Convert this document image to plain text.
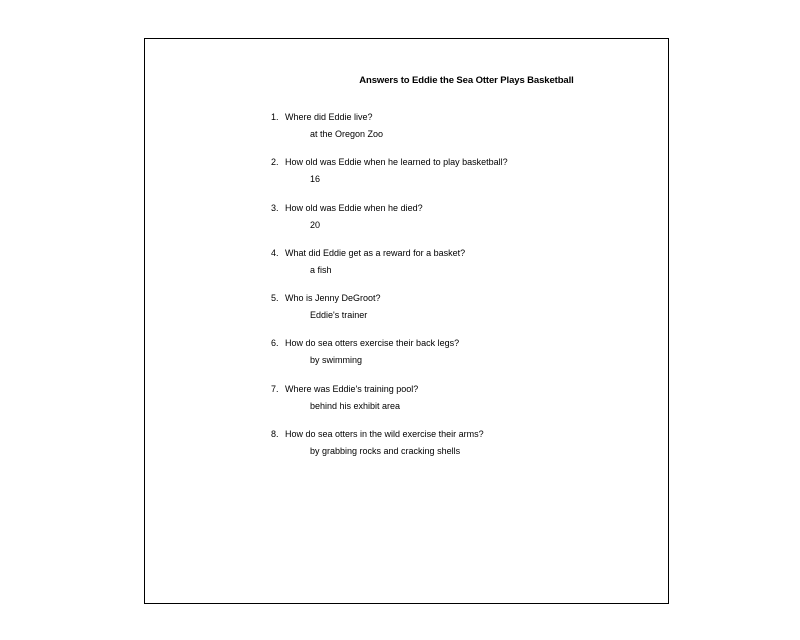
Answers to Eddie the Sea Otter Plays Basketball
1. Where did Eddie live?
at the Oregon Zoo
2. How old was Eddie when he learned to play basketball?
16
3. How old was Eddie when he died?
20
4. What did Eddie get as a reward for a basket?
a fish
5. Who is Jenny DeGroot?
Eddie's trainer
6. How do sea otters exercise their back legs?
by swimming
7. Where was Eddie's training pool?
behind his exhibit area
8. How do sea otters in the wild exercise their arms?
by grabbing rocks and cracking shells
